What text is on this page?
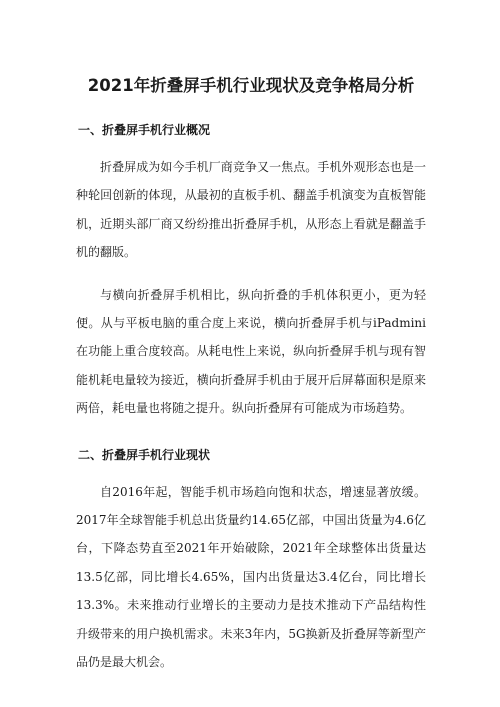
2021年折叠屏手机行业现状及竞争格局分析
一、折叠屏手机行业概况

折叠屏成为如今手机厂商竞争又一焦点。手机外观形态也是一种轮回创新的体现，从最初的直板手机、翻盖手机演变为直板智能机，近期头部厂商又纷纷推出折叠屏手机，从形态上看就是翻盖手机的翻版。

与横向折叠屏手机相比，纵向折叠的手机体积更小，更为轻便。从与平板电脑的重合度上来说，横向折叠屏手机与iPadmini在功能上重合度较高。从耗电性上来说，纵向折叠屏手机与现有智能机耗电量较为接近，横向折叠屏手机由于展开后屏幕面积是原来两倍，耗电量也将随之提升。纵向折叠屏有可能成为市场趋势。

二、折叠屏手机行业现状

自2016年起，智能手机市场趋向饱和状态，增速显著放缓。2017年全球智能手机总出货量约14.65亿部，中国出货量为4.6亿台，下降态势直至2021年开始破除，2021年全球整体出货量达13.5亿部，同比增长4.65%，国内出货量达3.4亿台，同比增长13.3%。未来推动行业增长的主要动力是技术推动下产品结构性升级带来的用户换机需求。未来3年内，5G换新及折叠屏等新型产品仍是最大机会。
